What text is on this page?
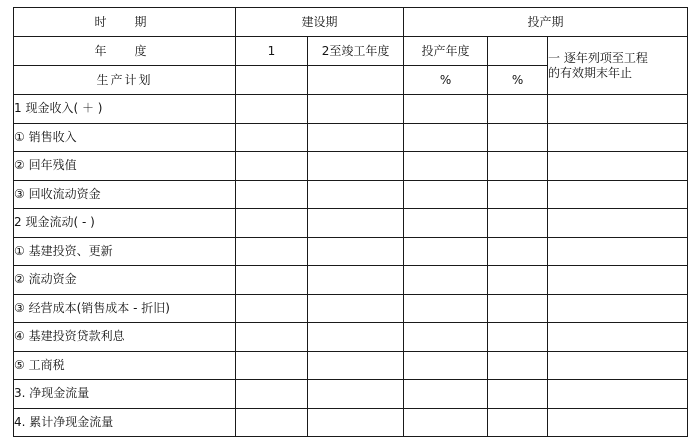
时　期	建设期		投产期		
年　度	1	2至竣工年度	投产年度		一 逐年列项至工程
的有效期末年止

生产计划			%	%	
1 现金收入( ＋ )					
① 销售收入					
② 回年残值					
③ 回收流动资金					
2 现金流动( - )					
① 基建投资、更新					
② 流动资金					
③ 经营成本(销售成本 - 折旧)					
④ 基建投资贷款利息					
⑤ 工商税					
3. 净现金流量					
4. 累计净现金流量					
